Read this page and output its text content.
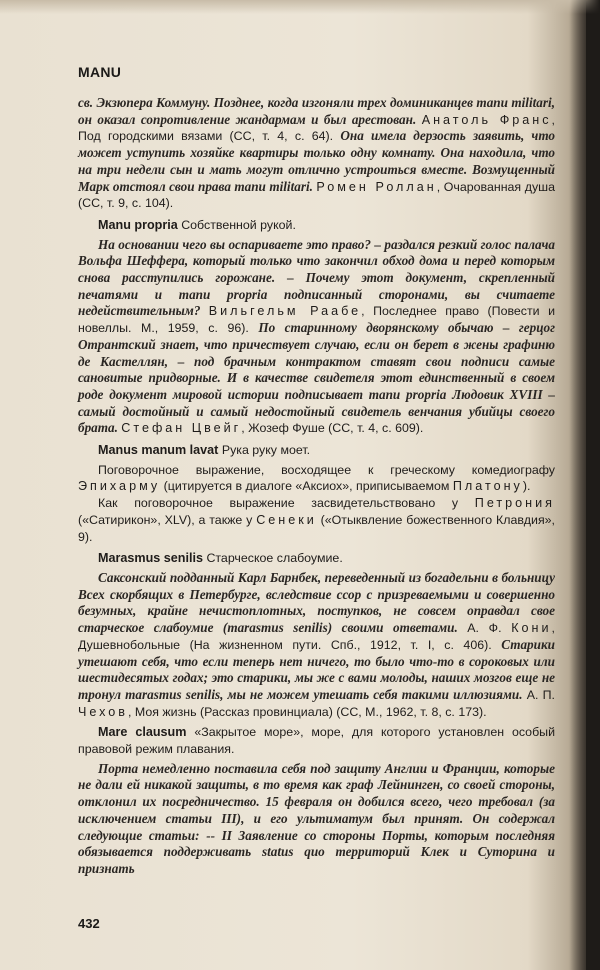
MANU

св. Экзюпера Коммуну. Позднее, когда изгоняли трех доминиканцев manu militari, он оказал сопротивление жандармам и был арестован. Анатоль Франс, Под городскими вязами (СС, т. 4, с. 64). Она имела дерзость заявить, что может уступить хозяйке квартиры только одну комнату. Она находила, что на три недели сын и мать могут отлично устроиться вместе. Возмущенный Марк отстоял свои права manu militari. Ромен Роллан, Очарованная душа (СС, т. 9, с. 104).

Manu propria Собственной рукой.

На основании чего вы оспариваете это право? – раздался резкий голос палача Вольфа Шеффера, который только что закончил обход дома и перед которым снова расступились горожане. – Почему этот документ, скрепленный печатями и manu propria подписанный сторонами, вы считаете недействительным? Вильгельм Раабе, Последнее право (Повести и новеллы. М., 1959, с. 96). По старинному дворянскому обычаю – герцог Отрантский знает, что причествует случаю, если он берет в жены графиню де Кастеллян, – под брачным контрактом ставят свои подписи самые сановитые придворные. И в качестве свидетеля этот единственный в своем роде документ мировой истории подписывает manu propria Людовик XVIII – самый достойный и самый недостойный свидетель венчания убийцы своего брата. Стефан Цвейг, Жозеф Фуше (СС, т. 4, с. 609).

Manus manum lavat Рука руку моет.

Поговорочное выражение, восходящее к греческому комедиографу Эпихарму (цитируется в диалоге «Аксиох», приписываемом Платону).

Как поговорочное выражение засвидетельствовано у Петрония («Сатирикон», XLV), а также у Сенеки («Отыквление божественного Клавдия», 9).

Marasmus senilis Старческое слабоумие.

Саксонский подданный Карл Барнбек, переведенный из богадельни в больницу Всех скорбящих в Петербурге, вследствие ссор с призреваемыми и совершенно безумных, крайне нечистоплотных, поступков, не совсем оправдал свое старческое слабоумие (marasmus senilis) своими ответами. А. Ф. Кони, Душевнобольные (На жизненном пути. Спб., 1912, т. I, с. 406). Старики утешают себя, что если теперь нет ничего, то было что-то в сороковых или шестидесятых годах; это старики, мы же с вами молоды, наших мозгов еще не тронул marasmus senilis, мы не можем утешать себя такими иллюзиями. А. П. Чехов, Моя жизнь (Рассказ провинциала) (СС, М., 1962, т. 8, с. 173).

Mare clausum «Закрытое море», море, для которого установлен особый правовой режим плавания.

Порта немедленно поставила себя под защиту Англии и Франции, которые не дали ей никакой защиты, в то время как граф Лейнинген, со своей стороны, отклонил их посредничество. 15 февраля он добился всего, чего требовал (за исключением статьи III), и его ультиматум был принят. Он содержал следующие статьи: -- II Заявление со стороны Порты, которым последняя обязывается поддерживать status quo территорий Клек и Суторина и признать

432
